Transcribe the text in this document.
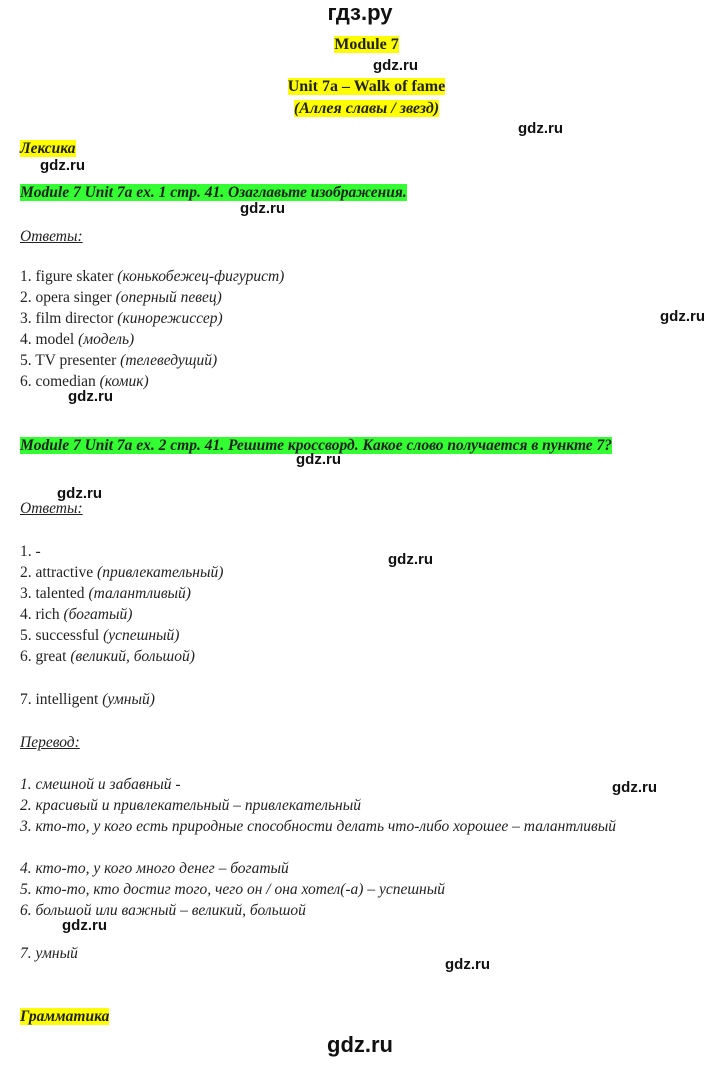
гдз.ру
Module 7
gdz.ru
Unit 7a – Walk of fame
(Аллея славы / звезд)
gdz.ru
Лексика
gdz.ru
Module 7 Unit 7a ex. 1 стр. 41. Озаглавьте изображения.
gdz.ru
Ответы:
1. figure skater (конькобежец-фигурист)
2. opera singer (оперный певец)
3. film director (кинорежиссер)
4. model (модель)
5. TV presenter (телеведущий)
6. comedian (комик)
gdz.ru
gdz.ru
Module 7 Unit 7a ex. 2 стр. 41. Решите кроссворд. Какое слово получается в пункте 7?
gdz.ru
gdz.ru
Ответы:
1. -
2. attractive (привлекательный)
3. talented (талантливый)
4. rich (богатый)
5. successful (успешный)
6. great (великий, большой)
gdz.ru
7. intelligent (умный)
Перевод:
1. смешной и забавный -
2. красивый и привлекательный – привлекательный
3. кто-то, у кого есть природные способности делать что-либо хорошее – талантливый
4. кто-то, у кого много денег – богатый
5. кто-то, кто достиг того, чего он / она хотел(-а) – успешный
6. большой или важный – великий, большой
gdz.ru
gdz.ru
7. умный
gdz.ru
Грамматика
gdz.ru
